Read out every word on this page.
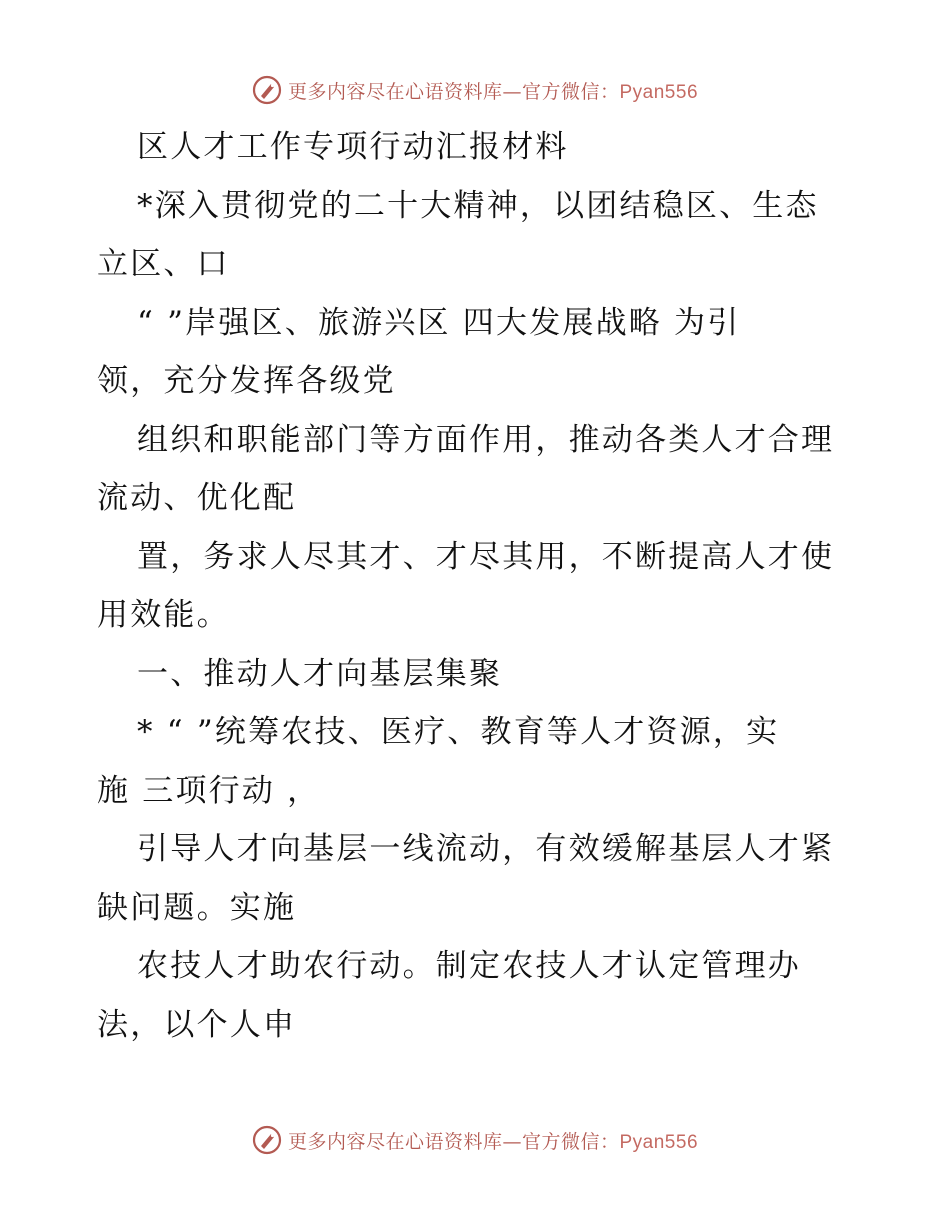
更多内容尽在心语资料库—官方微信：Pyan556
区人才工作专项行动汇报材料
*深入贯彻党的二十大精神，以团结稳区、生态
立区、口
“ ”岸强区、旅游兴区 四大发展战略 为引
领，充分发挥各级党
组织和职能部门等方面作用，推动各类人才合理
流动、优化配
置，务求人尽其才、才尽其用，不断提高人才使
用效能。
一、推动人才向基层集聚
* “ ”统筹农技、医疗、教育等人才资源，实
施 三项行动 ，
引导人才向基层一线流动，有效缓解基层人才紧
缺问题。实施
农技人才助农行动。制定农技人才认定管理办
法，以个人申
更多内容尽在心语资料库—官方微信：Pyan556
